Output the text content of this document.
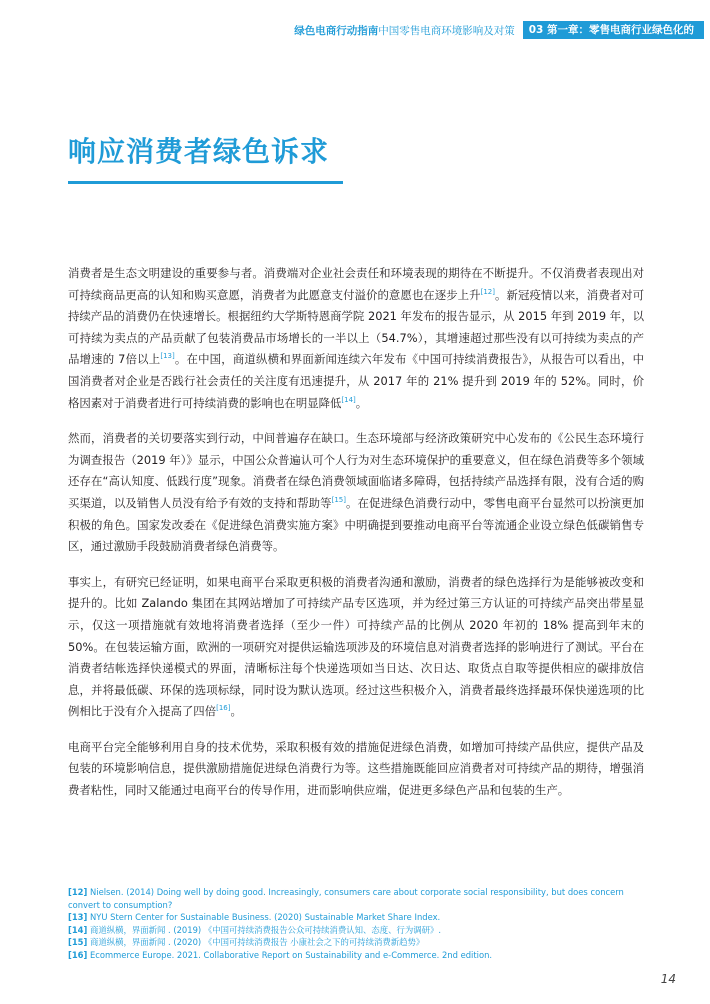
绿色电商行动指南 中国零售电商环境影响及对策	03 第一章：零售电商行业绿色化的
响应消费者绿色诉求

消费者是生态文明建设的重要参与者。消费端对企业社会责任和环境表现的期待在不断提升。不仅消费者表现出对可持续商品更高的认知和购买意愿，消费者为此愿意支付溢价的意愿也在逐步上升[12]。新冠疫情以来，消费者对可持续产品的消费仍在快速增长。根据纽约大学斯特恩商学院 2021 年发布的报告显示，从 2015 年到 2019 年，以可持续为卖点的产品贡献了包装消费品市场增长的一半以上（54.7%），其增速超过那些没有以可持续为卖点的产品增速的 7倍以上[13]。在中国，商道纵横和界面新闻连续六年发布《中国可持续消费报告》，从报告可以看出，中国消费者对企业是否践行社会责任的关注度有迅速提升，从 2017 年的 21% 提升到 2019 年的 52%。同时，价格因素对于消费者进行可持续消费的影响也在明显降低[14]。

然而，消费者的关切要落实到行动，中间普遍存在缺口。生态环境部与经济政策研究中心发布的《公民生态环境行为调查报告（2019 年）》显示，中国公众普遍认可个人行为对生态环境保护的重要意义，但在绿色消费等多个领域还存在“高认知度、低践行度”现象。消费者在绿色消费领域面临诸多障碍，包括持续产品选择有限，没有合适的购买渠道，以及销售人员没有给予有效的支持和帮助等[15]。在促进绿色消费行动中，零售电商平台显然可以扮演更加积极的角色。国家发改委在《促进绿色消费实施方案》中明确提到要推动电商平台等流通企业设立绿色低碳销售专区，通过激励手段鼓励消费者绿色消费等。

事实上，有研究已经证明，如果电商平台采取更积极的消费者沟通和激励，消费者的绿色选择行为是能够被改变和提升的。比如 Zalando 集团在其网站增加了可持续产品专区选项，并为经过第三方认证的可持续产品突出带星显示，仅这一项措施就有效地将消费者选择（至少一件）可持续产品的比例从 2020 年初的 18% 提高到年末的 50%。在包装运输方面，欧洲的一项研究对提供运输选项涉及的环境信息对消费者选择的影响进行了测试。平台在消费者结帐选择快递模式的界面，清晰标注每个快递选项如当日达、次日达、取货点自取等提供相应的碳排放信息，并将最低碳、环保的选项标绿，同时设为默认选项。经过这些积极介入，消费者最终选择最环保快递选项的比例相比于没有介入提高了四倍[16]。

电商平台完全能够利用自身的技术优势，采取积极有效的措施促进绿色消费，如增加可持续产品供应，提供产品及包装的环境影响信息，提供激励措施促进绿色消费行为等。这些措施既能回应消费者对可持续产品的期待，增强消费者粘性，同时又能通过电商平台的传导作用，进而影响供应端，促进更多绿色产品和包装的生产。

[12] Nielsen. (2014) Doing well by doing good. Increasingly, consumers care about corporate social responsibility, but does concern convert to consumption?
[13] NYU Stern Center for Sustainable Business. (2020) Sustainable Market Share Index.
[14] 商道纵横，界面新闻 . (2019) 《中国可持续消费报告公众可持续消费认知、态度、行为调研》.
[15] 商道纵横，界面新闻 . (2020) 《中国可持续消费报告 小康社会之下的可持续消费新趋势》
[16] Ecommerce Europe. 2021. Collaborative Report on Sustainability and e-Commerce. 2nd edition.
14
